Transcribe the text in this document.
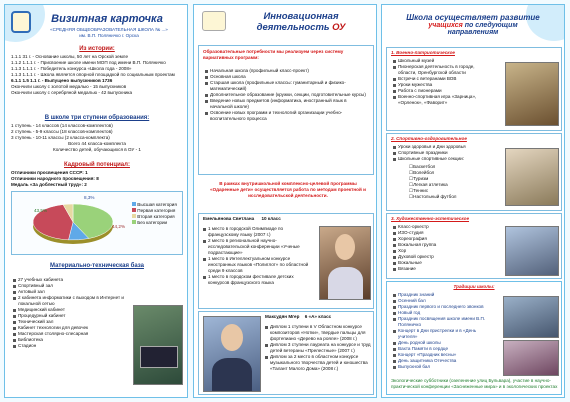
Визитная карточка
«СРЕДНЯЯ ОБЩЕОБРАЗОВАТЕЛЬНАЯ ШКОЛА № ...»
им. В.П. Поляничко г. Орска
Из истории:
1.1.1 31 г. - Основание школы, 50 лет на Орской земле
1.1.2 1.1.1 г. - Присвоение школе имени МОП под имени В.П. Поляничко
1.1.3 1.1.1 г. - Победитель конкурса «Школа года - 2008»
1.1.3 1.1.1 г. - Школа является опорной площадкой по социальным проектам
6.1.1 1.5 1.1 г. - Выпущено выпускников 1736
Окончили школу с золотой медалью - 15 выпускников
Окончили школу с серебряной медалью - 42 выпускника
В школе три ступени образования:
1 ступень - 14 классов (14 классов-комплектов)
2 ступень - 5-9 классы (18 классов-комплектов)
3 ступень - 10-11 классы (2 класса-комплекта)
Всего 44 класса-комплекта
Количество детей, обучающихся в ОУ - 1
Кадровый потенциал:
Отличники просвещения СССР: 1
Отличники народного просвещения: 8
Медаль «За доблестный труд»: 2
43,5%
8,3%
44,2%
Высшая категория
Первая категория
Вторая категория
Без категории
Материально-техническая база
27 учебных кабинета
Спортивный зал
Актовый зал
2 кабинета информатики с выходом в Интернет и локальной сетью
Медицинский кабинет
Процедурный кабинет
Технический зал
Кабинет технологии для девочек
Мастерская столярно-слесарная
Библиотека
Стадион
Инновационная
деятельность ОУ
Образовательные потребности мы реализуем через систему вариативных программ:
Начальная школа (профильный класс-проект)
Основная школа
Старшая школа (профильные классы: гуманитарный и физико-математический)
Дополнительное образование (кружки, секции, подготовительные курсы)
Введение новых предметов (информатика, иностранный язык в начальной школе)
Освоение новых программ и технологий организации учебно-воспитательного процесса
В рамках внутришкольной комплексно-целевой программы «Одаренные дети» осуществляется работа по методам проектной и исследовательской деятельности.
Емельянова Светлана 10 класс
1 место в городской Олимпиаде по французскому языку (2007 г.)
2 место в региональной научно-исследовательской конференции «Ученые подрастающие»
1 место в Интеллектуальном конкурсе иностранных языков «Полиглот» по областной среди 9 классов
1 место в городском фестивале детских конкурсов французского языка
Максудян Мгер 6 «А» класс
Диплом 1 ступени в V Областном конкурсе композиторов «Нотки», твердые пальцы для фортепиано «Дерево на рояле» (2008 г.)
Диплом 3 ступени лауреата на конкурсе и труд детей ветераны «Прелестные» (2007 г.)
Диплом за 2 место в областном конкурсе музыкального творчества детей и юношества «Талант Малого Дома» (2008 г.)
Школа осуществляет развитие
учащихся по следующим
направлениям
1. Военно-патриотическое
Школьный музей
Пионерская деятельность в городе, области, Оренбургской области
Встречи с ветеранами ВОВ
Уроки мужества
Работа с пионерами
Военно-спортивная игра «Зарница», «Орленок», «Фаворит»
2. Спортивно-оздоровительное
Уроки здоровья и Дни здоровья
Спортивные праздники
Школьные спортивные секции:
☐Баскетбол
☐Волейбол
☐Туризм
☐Легкая атлетика
☐Теннис
☐Настольный футбол
3. Художественно-эстетическое
Класс-оркестр
ИЗО-студия
Хореография
Вокальная группа
Хор
Духовой оркестр
Вокальные
Вязание
Традиции школы:
Праздник знаний
Осенний бал
Праздник первого и последнего звонков
Новый год
Праздник посвящения школе имени В.П. Поляничко
Концерт в Дни пристрелки и в «День учителя»
День родной школы
Вахта Памяти в сердце
Концерт «Праздник весны»
День защитника Отечества
Выпускной бал
Экологические субботники (озеленение улиц Бульвара), участие в научно-практической конференции «Заснеженные мира» и в экологических проектах
